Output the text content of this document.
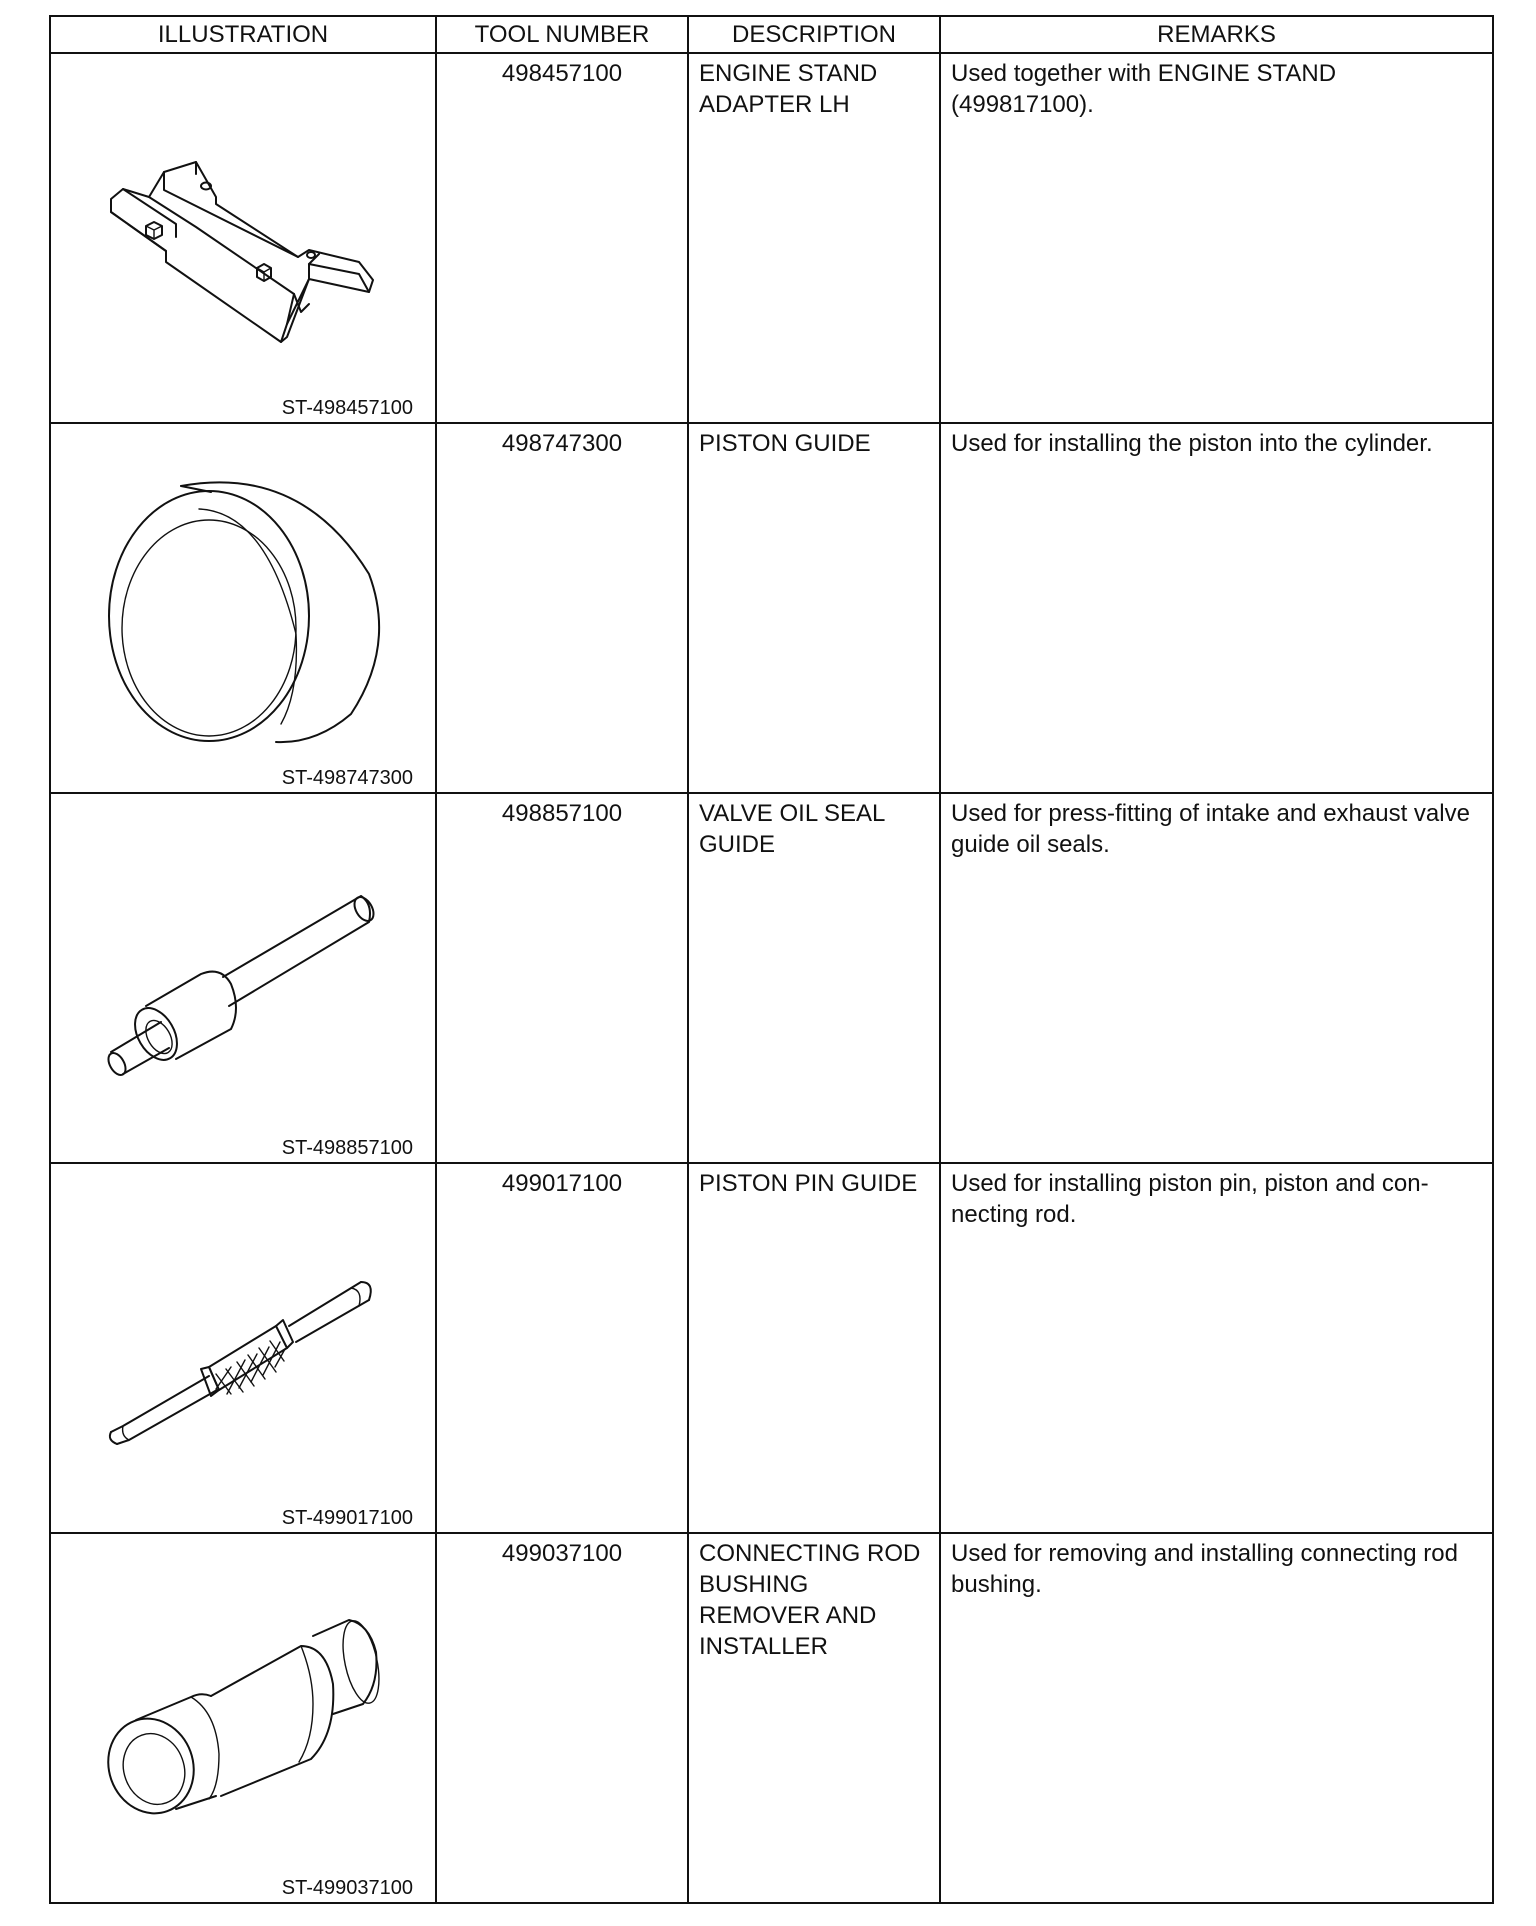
ILLUSTRATION	TOOL NUMBER	DESCRIPTION	REMARKS

ST-498457100	498457100	ENGINE STAND ADAPTER LH	Used together with ENGINE STAND (499817100).

ST-498747300	498747300	PISTON GUIDE	Used for installing the piston into the cylinder.

ST-498857100	498857100	VALVE OIL SEAL GUIDE	Used for press-fitting of intake and exhaust valve guide oil seals.

ST-499017100	499017100	PISTON PIN GUIDE	Used for installing piston pin, piston and con-necting rod.

ST-499037100	499037100	CONNECTING ROD BUSHING REMOVER AND INSTALLER	Used for removing and installing connecting rod bushing.
